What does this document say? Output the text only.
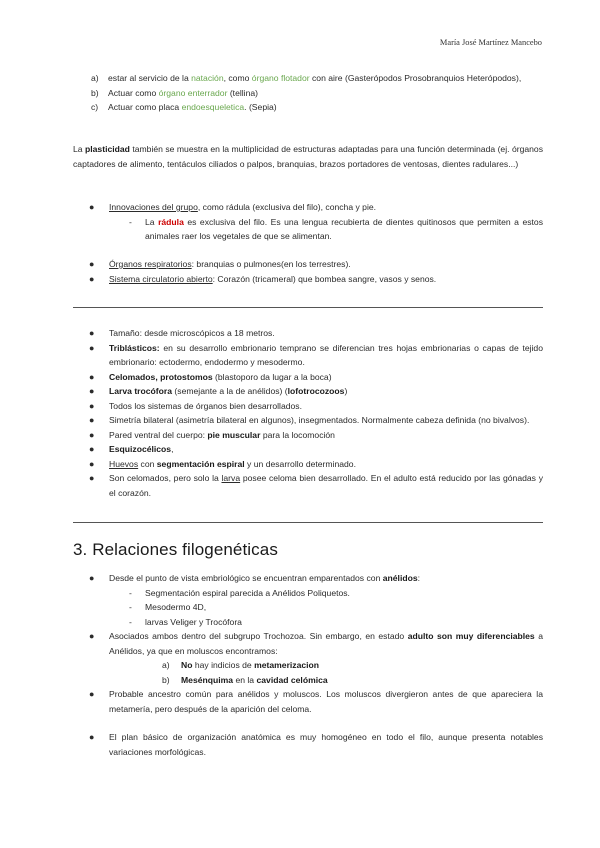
María José Martínez Mancebo
a) estar al servicio de la natación, como órgano flotador con aire (Gasterópodos Prosobranquios Heterópodos),
b) Actuar como órgano enterrador (tellina)
c) Actuar como placa endoesqueletica. (Sepia)
La plasticidad también se muestra en la multiplicidad de estructuras adaptadas para una función determinada (ej. órganos captadores de alimento, tentáculos ciliados o palpos, branquias, brazos portadores de ventosas, dientes radulares...)
● Innovaciones del grupo, como rádula (exclusiva del filo), concha y pie.
- La rádula es exclusiva del filo. Es una lengua recubierta de dientes quitinosos que permiten a estos animales raer los vegetales de que se alimentan.
● Órganos respiratorios: branquias o pulmones(en los terrestres).
● Sistema circulatorio abierto: Corazón (tricameral) que bombea sangre, vasos y senos.
● Tamaño: desde microscópicos a 18 metros.
● Triblásticos: en su desarrollo embrionario temprano se diferencian tres hojas embrionarias o capas de tejido embrionario: ectodermo, endodermo y mesodermo.
● Celomados, protostomos (blastoporo da lugar a la boca)
● Larva trocófora (semejante a la de anélidos) (lofotrocozoos)
● Todos los sistemas de órganos bien desarrollados.
● Simetría bilateral (asimetría bilateral en algunos), insegmentados. Normalmente cabeza definida (no bivalvos).
● Pared ventral del cuerpo: pie muscular para la locomoción
● Esquizocélicos,
● Huevos con segmentación espiral y un desarrollo determinado.
● Son celomados, pero solo la larva posee celoma bien desarrollado. En el adulto está reducido por las gónadas y el corazón.
3. Relaciones filogenéticas
● Desde el punto de vista embriológico se encuentran emparentados con anélidos:
- Segmentación espiral parecida a Anélidos Poliquetos.
- Mesodermo 4D,
- larvas Veliger y Trocófora
● Asociados ambos dentro del subgrupo Trochozoa. Sin embargo, en estado adulto son muy diferenciables a Anélidos, ya que en moluscos encontramos:
a) No hay indicios de metamerizacion
b) Mesénquima en la cavidad celómica
● Probable ancestro común para anélidos y moluscos. Los moluscos divergieron antes de que apareciera la metamería, pero después de la aparición del celoma.
● El plan básico de organización anatómica es muy homogéneo en todo el filo, aunque presenta notables variaciones morfológicas.
